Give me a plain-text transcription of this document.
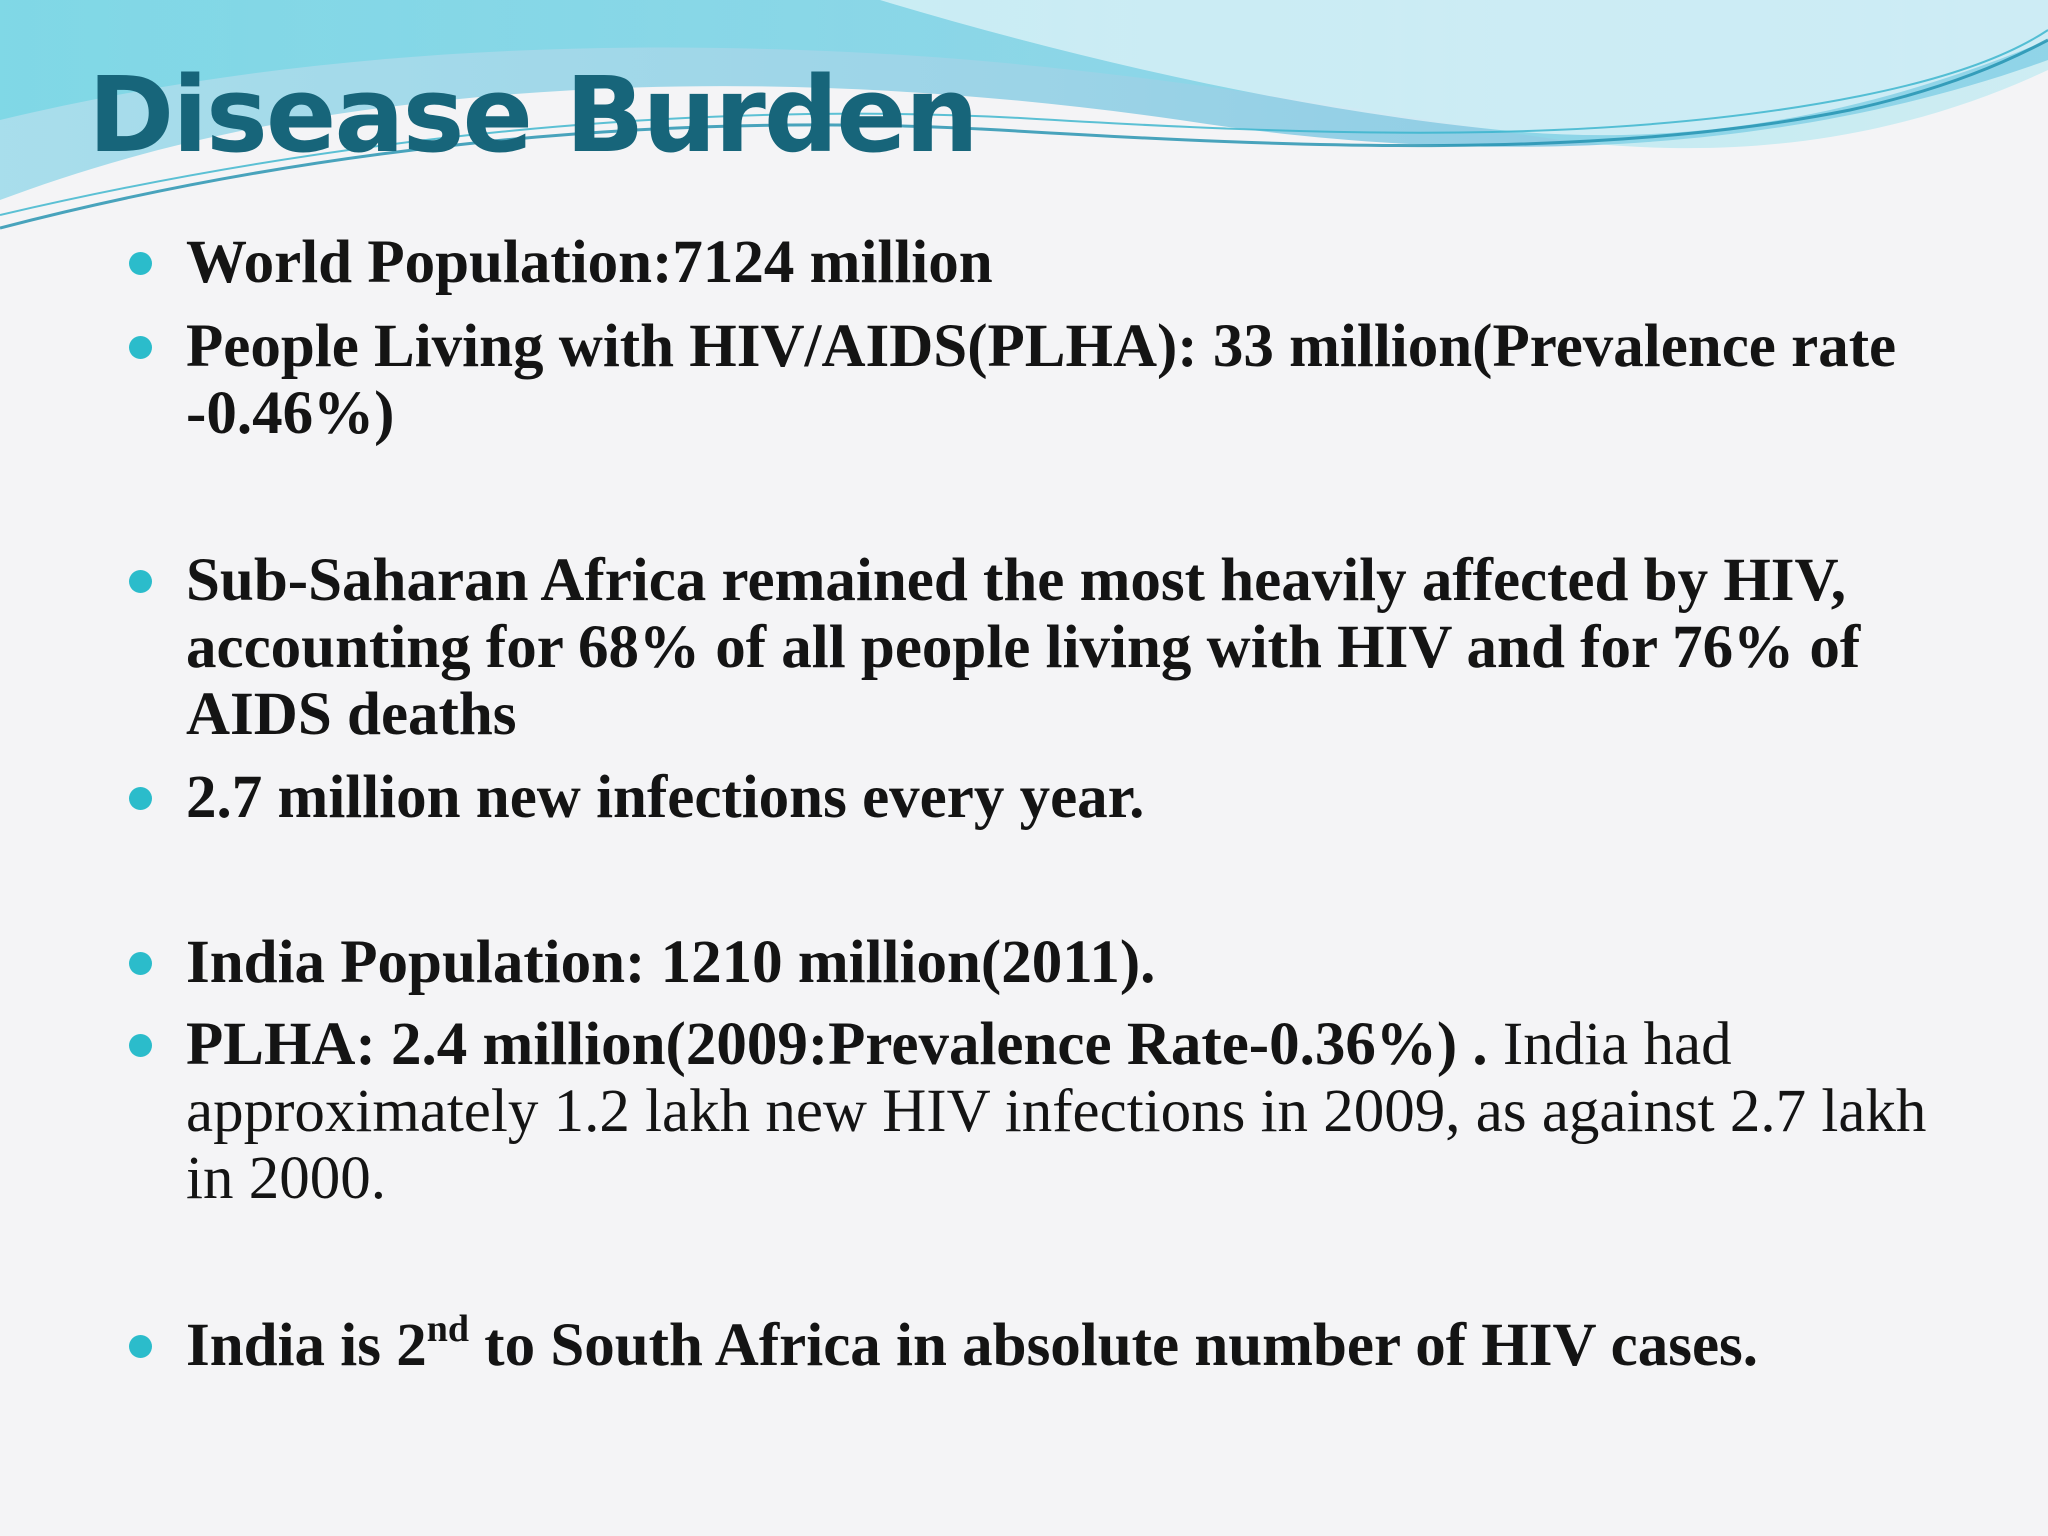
Disease Burden
World Population:7124 million
People Living with HIV/AIDS(PLHA): 33 million(Prevalence rate -0.46%)
Sub-Saharan Africa remained the most heavily affected by HIV, accounting for 68% of all people living with HIV and for 76% of AIDS deaths
2.7 million new infections every year.
India Population: 1210 million(2011).
PLHA: 2.4 million(2009:Prevalence Rate-0.36%) . India had approximately 1.2 lakh new HIV infections in 2009, as against 2.7 lakh in 2000.
India is 2nd to South Africa in absolute number of HIV cases.
